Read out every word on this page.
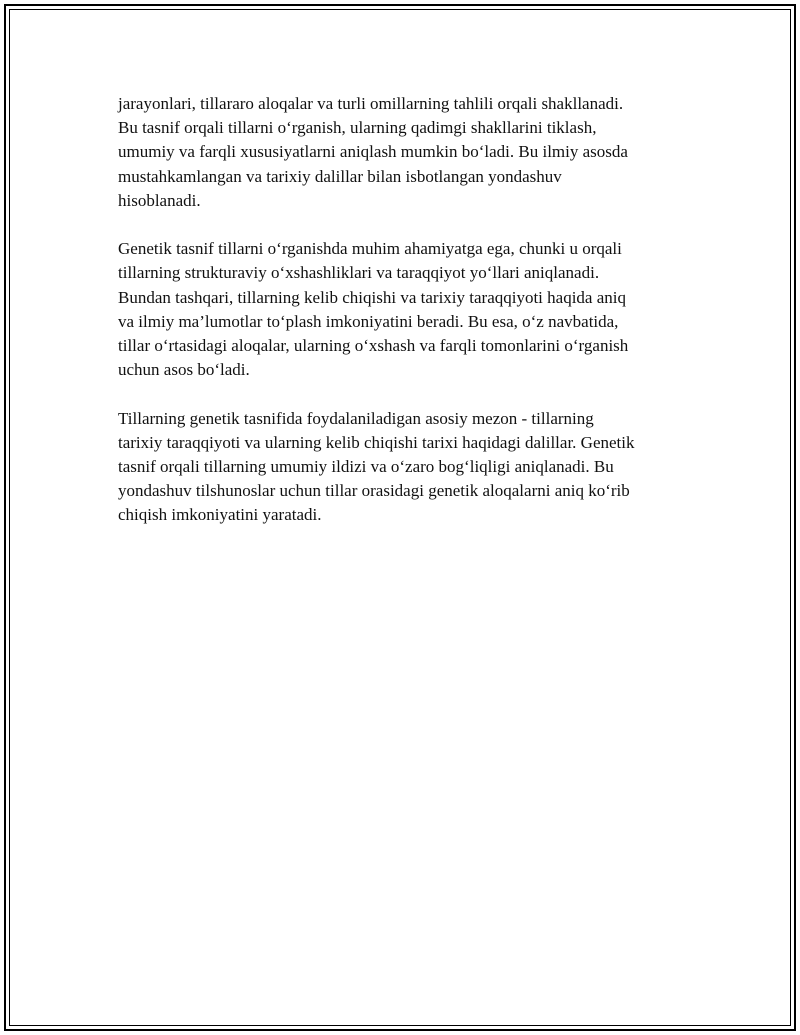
jarayonlari, tillararo aloqalar va turli omillarning tahlili orqali shakllanadi.
Bu tasnif orqali tillarni o‘rganish, ularning qadimgi shakllarini tiklash,
umumiy va farqli xususiyatlarni aniqlash mumkin bo‘ladi. Bu ilmiy asosda
mustahkamlangan va tarixiy dalillar bilan isbotlangan yondashuv
hisoblanadi.

Genetik tasnif tillarni o‘rganishda muhim ahamiyatga ega, chunki u orqali
tillarning strukturaviy o‘xshashliklari va taraqqiyot yo‘llari aniqlanadi.
Bundan tashqari, tillarning kelib chiqishi va tarixiy taraqqiyoti haqida aniq
va ilmiy ma’lumotlar to‘plash imkoniyatini beradi. Bu esa, o‘z navbatida,
tillar o‘rtasidagi aloqalar, ularning o‘xshash va farqli tomonlarini o‘rganish
uchun asos bo‘ladi.

Tillarning genetik tasnifida foydalaniladigan asosiy mezon - tillarning
tarixiy taraqqiyoti va ularning kelib chiqishi tarixi haqidagi dalillar. Genetik
tasnif orqali tillarning umumiy ildizi va o‘zaro bog‘liqligi aniqlanadi. Bu
yondashuv tilshunoslar uchun tillar orasidagi genetik aloqalarni aniq ko‘rib
chiqish imkoniyatini yaratadi.
